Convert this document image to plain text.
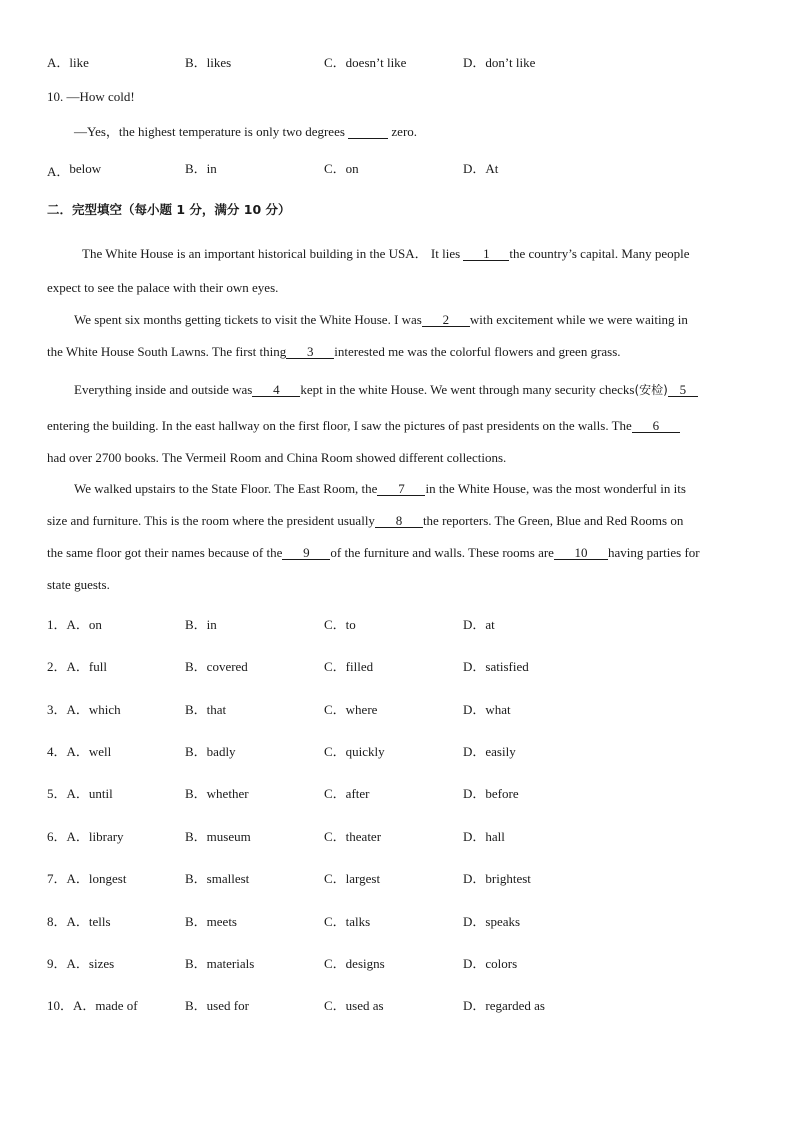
A．like	B．likes	C．doesn’t like	D．don’t like
10. —How cold!
—Yes，the highest temperature is only two degrees	zero.
A．below	B．in	C．on	D．At
二．完型填空（每小题 1 分，满分 10 分）
The White House is an important historical building in the USA． It lies 1 the country’s capital. Many people
expect to see the palace with their own eyes.
We spent six months getting tickets to visit the White House. I was 2 with excitement while we were waiting in
the White House South Lawns. The first thing 3 interested me was the colorful flowers and green grass.
Everything inside and outside was 4 kept in the white House. We went through many security checks(安检) 5
entering the building. In the east hallway on the first floor, I saw the pictures of past presidents on the walls. The 6
had over 2700 books. The Vermeil Room and China Room showed different collections.
We walked upstairs to the State Floor. The East Room, the 7 in the White House, was the most wonderful in its
size and furniture. This is the room where the president usually 8 the reporters. The Green, Blue and Red Rooms on
the same floor got their names because of the 9 of the furniture and walls. These rooms are 10 having parties for
state guests.
1．A．on	B．in	C．to	D．at
2．A．full	B．covered	C．filled	D．satisfied
3．A．which	B．that	C．where	D．what
4．A．well	B．badly	C．quickly	D．easily
5．A．until	B．whether	C．after	D．before
6．A．library	B．museum	C．theater	D．hall
7．A．longest	B．smallest	C．largest	D．brightest
8．A．tells	B．meets	C．talks	D．speaks
9．A．sizes	B．materials	C．designs	D．colors
10．A．made of	B．used for	C．used as	D．regarded as
